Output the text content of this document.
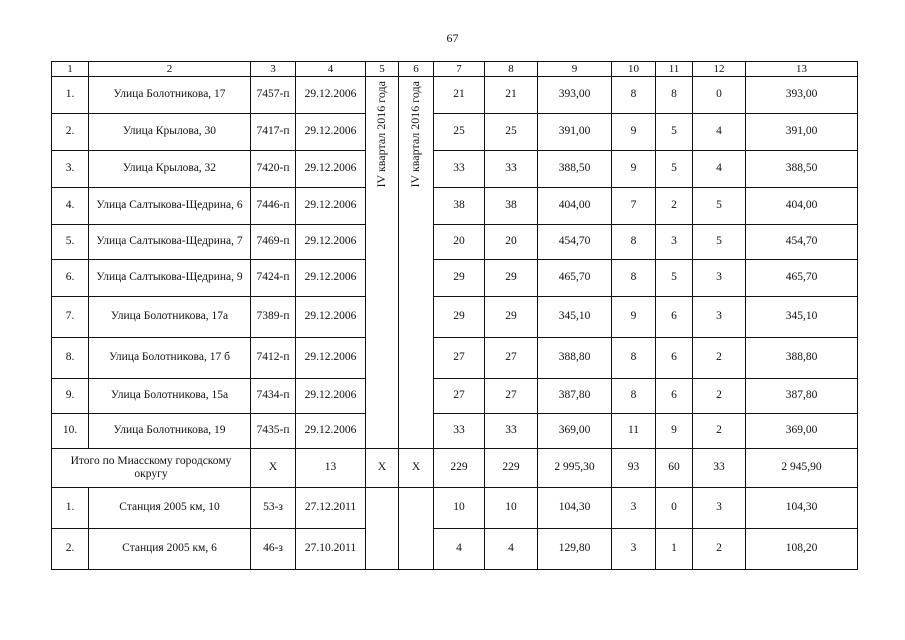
67
1	2	3	4	5	6	7	8	9	10	11	12	13
1.	Улица Болотникова, 17	7457-п	29.12.2006	IV квартал 2016 года	IV квартал 2016 года	21	21	393,00	8	8	0	393,00
2.	Улица Крылова, 30	7417-п	29.12.2006			25	25	391,00	9	5	4	391,00
3.	Улица Крылова, 32	7420-п	29.12.2006			33	33	388,50	9	5	4	388,50
4.	Улица Салтыкова-Щедрина, 6	7446-п	29.12.2006			38	38	404,00	7	2	5	404,00
5.	Улица Салтыкова-Щедрина, 7	7469-п	29.12.2006			20	20	454,70	8	3	5	454,70
6.	Улица Салтыкова-Щедрина, 9	7424-п	29.12.2006			29	29	465,70	8	5	3	465,70
7.	Улица Болотникова, 17а	7389-п	29.12.2006			29	29	345,10	9	6	3	345,10
8.	Улица Болотникова, 17 б	7412-п	29.12.2006			27	27	388,80	8	6	2	388,80
9.	Улица Болотникова, 15а	7434-п	29.12.2006			27	27	387,80	8	6	2	387,80
10.	Улица Болотникова, 19	7435-п	29.12.2006			33	33	369,00	11	9	2	369,00
Итого по Миасскому городскому округу		Х	13	Х	Х	229	229	2 995,30	93	60	33	2 945,90
1.	Станция 2005 км, 10	53-з	27.12.2011			10	10	104,30	3	0	3	104,30
2.	Станция 2005 км, 6	46-з	27.10.2011			4	4	129,80	3	1	2	108,20
